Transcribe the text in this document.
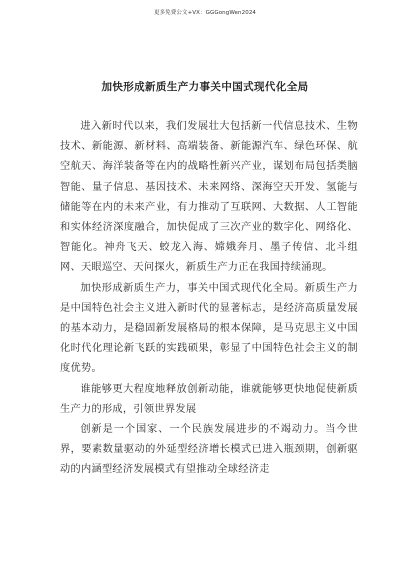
更多免费公文+VX：GGGongWen2024
加快形成新质生产力事关中国式现代化全局

进入新时代以来，我们发展壮大包括新一代信息技术、生物技术、新能源、新材料、高端装备、新能源汽车、绿色环保、航空航天、海洋装备等在内的战略性新兴产业，谋划布局包括类脑智能、量子信息、基因技术、未来网络、深海空天开发、氢能与储能等在内的未来产业，有力推动了互联网、大数据、人工智能和实体经济深度融合，加快促成了三次产业的数字化、网络化、智能化。神舟飞天、蛟龙入海、嫦娥奔月、墨子传信、北斗组网、天眼巡空、天问探火，新质生产力正在我国持续涌现。

加快形成新质生产力，事关中国式现代化全局。新质生产力是中国特色社会主义进入新时代的显著标志，是经济高质量发展的基本动力，是稳固新发展格局的根本保障，是马克思主义中国化时代化理论新飞跃的实践硕果，彰显了中国特色社会主义的制度优势。

谁能够更大程度地释放创新动能，谁就能够更快地促使新质生产力的形成，引领世界发展

创新是一个国家、一个民族发展进步的不竭动力。当今世界，要素数量驱动的外延型经济增长模式已进入瓶颈期，创新驱动的内涵型经济发展模式有望推动全球经济走
